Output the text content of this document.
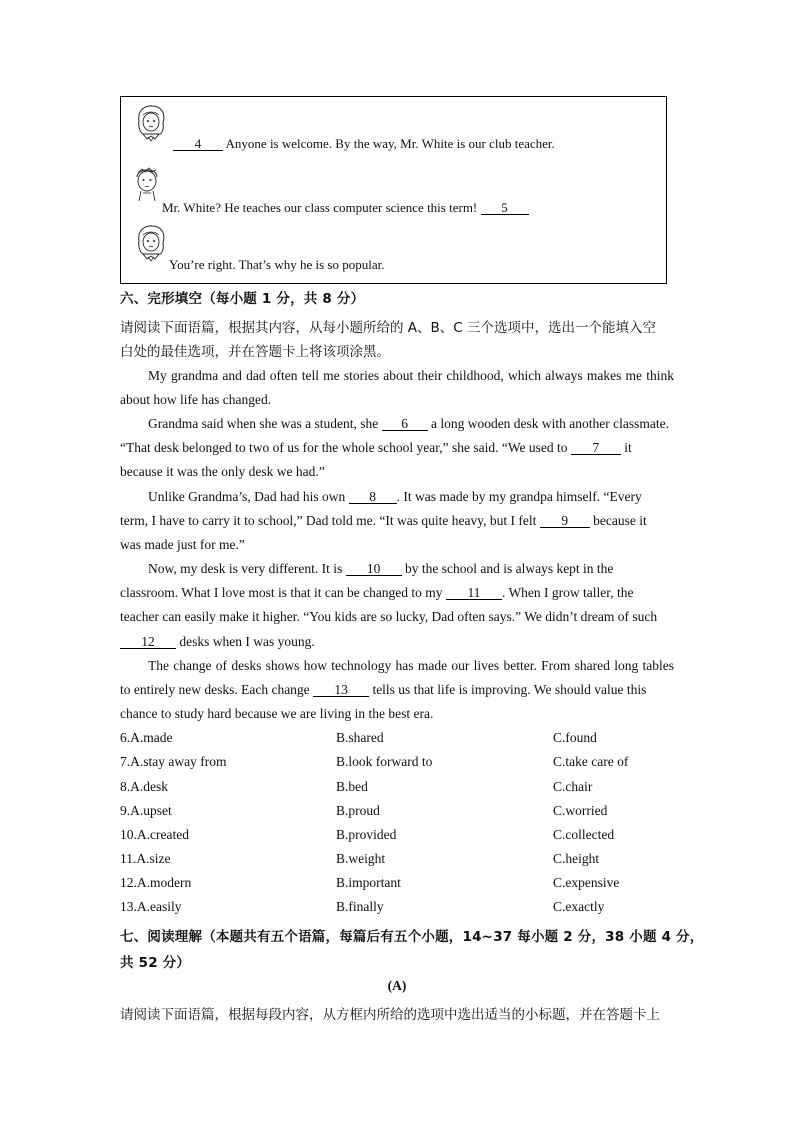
4 Anyone is welcome. By the way, Mr. White is our club teacher.
Mr. White? He teaches our class computer science this term! 5
You’re right. That’s why he is so popular.
六、完形填空（每小题 1 分，共 8 分）
请阅读下面语篇，根据其内容，从每小题所给的 A、B、C 三个选项中，选出一个能填入空
白处的最佳选项，并在答题卡上将该项涂黑。
My grandma and dad often tell me stories about their childhood, which always makes me think
about how life has changed.
Grandma said when she was a student, she 6 a long wooden desk with another classmate.
“That desk belonged to two of us for the whole school year,” she said. “We used to 7 it
because it was the only desk we had.”
Unlike Grandma’s, Dad had his own 8 . It was made by my grandpa himself. “Every
term, I have to carry it to school,” Dad told me. “It was quite heavy, but I felt 9 because it
was made just for me.”
Now, my desk is very different. It is 10 by the school and is always kept in the
classroom. What I love most is that it can be changed to my 11 . When I grow taller, the
teacher can easily make it higher. “You kids are so lucky, Dad often says.” We didn’t dream of such
12 desks when I was young.
The change of desks shows how technology has made our lives better. From shared long tables
to entirely new desks. Each change 13 tells us that life is improving. We should value this
chance to study hard because we are living in the best era.
6.A.made	B.shared	C.found
7.A.stay away from	B.look forward to	C.take care of
8.A.desk	B.bed	C.chair
9.A.upset	B.proud	C.worried
10.A.created	B.provided	C.collected
11.A.size	B.weight	C.height
12.A.modern	B.important	C.expensive
13.A.easily	B.finally	C.exactly
七、阅读理解（本题共有五个语篇，每篇后有五个小题，14~37 每小题 2 分，38 小题 4 分，
共 52 分）
(A)
请阅读下面语篇，根据每段内容，从方框内所给的选项中选出适当的小标题，并在答题卡上
